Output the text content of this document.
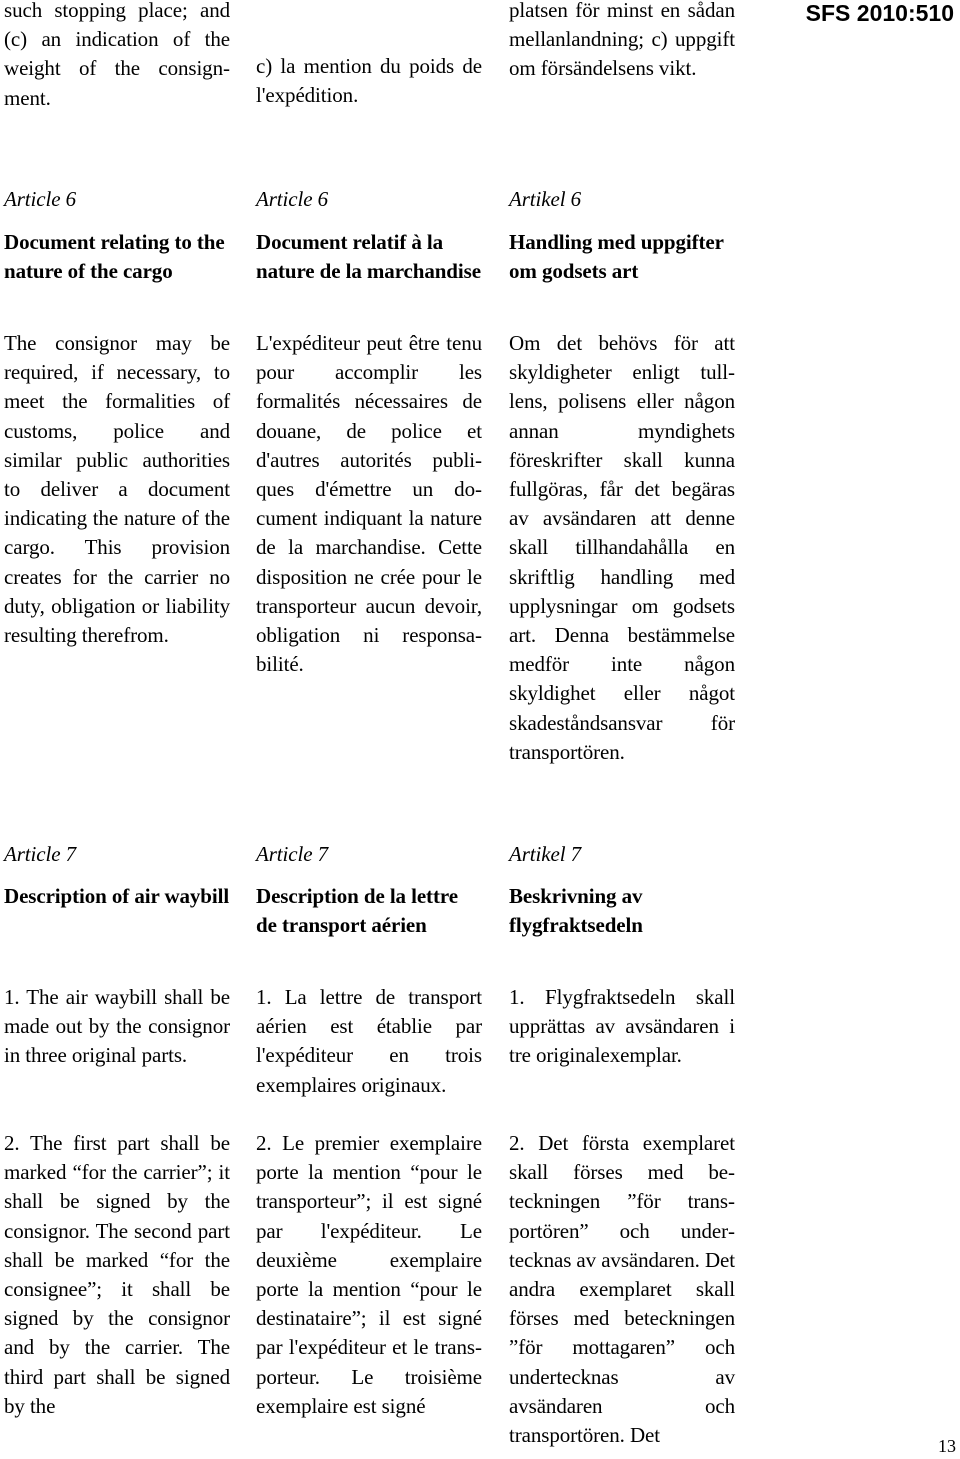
SFS 2010:510

such stopping place; and (c) an indication of the weight of the consignment.

Article 6

Document relating to the nature of the cargo

The consignor may be required, if necessary, to meet the formalities of customs, police and similar public authorities to deliver a document indicating the nature of the cargo. This provision creates for the carrier no duty, obligation or liability resulting therefrom.

Article 7

Description of air waybill

1. The air waybill shall be made out by the consignor in three original parts.

2. The first part shall be marked “for the carrier”; it shall be signed by the consignor. The second part shall be marked “for the consignee”; it shall be signed by the consignor and by the carrier. The third part shall be signed by the

c) la mention du poids de l'expédition.

Article 6

Document relatif à la nature de la marchandise

L'expéditeur peut être tenu pour accomplir les formalités nécessaires de douane, de police et d'autres autorités publiques d'émettre un document indiquant la nature de la marchandise. Cette disposition ne crée pour le transporteur aucun devoir, obligation ni responsabilité.

Article 7

Description de la lettre de transport aérien

1. La lettre de transport aérien est établie par l'expéditeur en trois exemplaires originaux.

2. Le premier exemplaire porte la mention “pour le transporteur”; il est signé par l'expéditeur. Le deuxième exemplaire porte la mention “pour le destinataire”; il est signé par l'expéditeur et le transporteur. Le troisième exemplaire est signé

platsen för minst en sådan mellanlandning; c) uppgift om försändelsens vikt.

Artikel 6

Handling med uppgifter om godsets art

Om det behövs för att skyldigheter enligt tulllens, polisens eller någon annan myndighets föreskrifter skall kunna fullgöras, får det begäras av avsändaren att denne skall tillhandahålla en skriftlig handling med upplysningar om godsets art. Denna bestämmelse medför inte någon skyldighet eller något skadeståndsansvar för transportören.

Artikel 7

Beskrivning av flygfraktsedeln

1. Flygfraktsedeln skall upprättas av avsändaren i tre originalexemplar.

2. Det första exemplaret skall förses med beteckningen ”för transportören” och undertecknas av avsändaren. Det andra exemplaret skall förses med beteckningen ”för mottagaren” och undertecknas av avsändaren och transportören. Det	13
